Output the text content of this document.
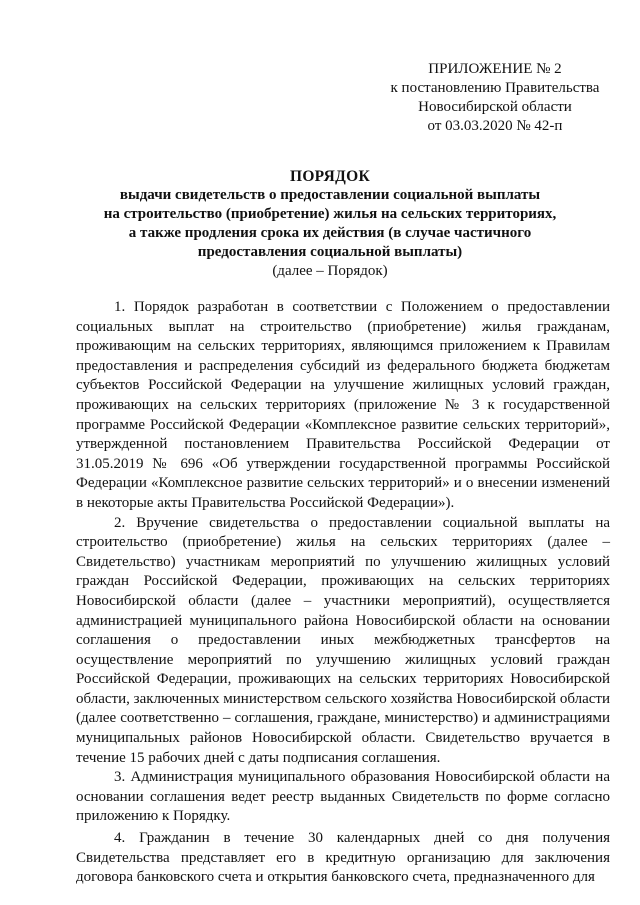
ПРИЛОЖЕНИЕ № 2
к постановлению Правительства
Новосибирской области
от 03.03.2020 № 42-п
ПОРЯДОК
выдачи свидетельств о предоставлении социальной выплаты
на строительство (приобретение) жилья на сельских территориях,
а также продления срока их действия (в случае частичного
предоставления социальной выплаты)
(далее – Порядок)

1. Порядок разработан в соответствии с Положением о предоставлении социальных выплат на строительство (приобретение) жилья гражданам, проживающим на сельских территориях, являющимся приложением к Правилам предоставления и распределения субсидий из федерального бюджета бюджетам субъектов Российской Федерации на улучшение жилищных условий граждан, проживающих на сельских территориях (приложение № 3 к государственной программе Российской Федерации «Комплексное развитие сельских территорий», утвержденной постановлением Правительства Российской Федерации от 31.05.2019 № 696 «Об утверждении государственной программы Российской Федерации «Комплексное развитие сельских территорий» и о внесении изменений в некоторые акты Правительства Российской Федерации»).

2. Вручение свидетельства о предоставлении социальной выплаты на строительство (приобретение) жилья на сельских территориях (далее – Свидетельство) участникам мероприятий по улучшению жилищных условий граждан Российской Федерации, проживающих на сельских территориях Новосибирской области (далее – участники мероприятий), осуществляется администрацией муниципального района Новосибирской области на основании соглашения о предоставлении иных межбюджетных трансфертов на осуществление мероприятий по улучшению жилищных условий граждан Российской Федерации, проживающих на сельских территориях Новосибирской области, заключенных министерством сельского хозяйства Новосибирской области (далее соответственно – соглашения, граждане, министерство) и администрациями муниципальных районов Новосибирской области. Свидетельство вручается в течение 15 рабочих дней с даты подписания соглашения.

3. Администрация муниципального образования Новосибирской области на основании соглашения ведет реестр выданных Свидетельств по форме согласно приложению к Порядку.

4. Гражданин в течение 30 календарных дней со дня получения Свидетельства представляет его в кредитную организацию для заключения договора банковского счета и открытия банковского счета, предназначенного для
